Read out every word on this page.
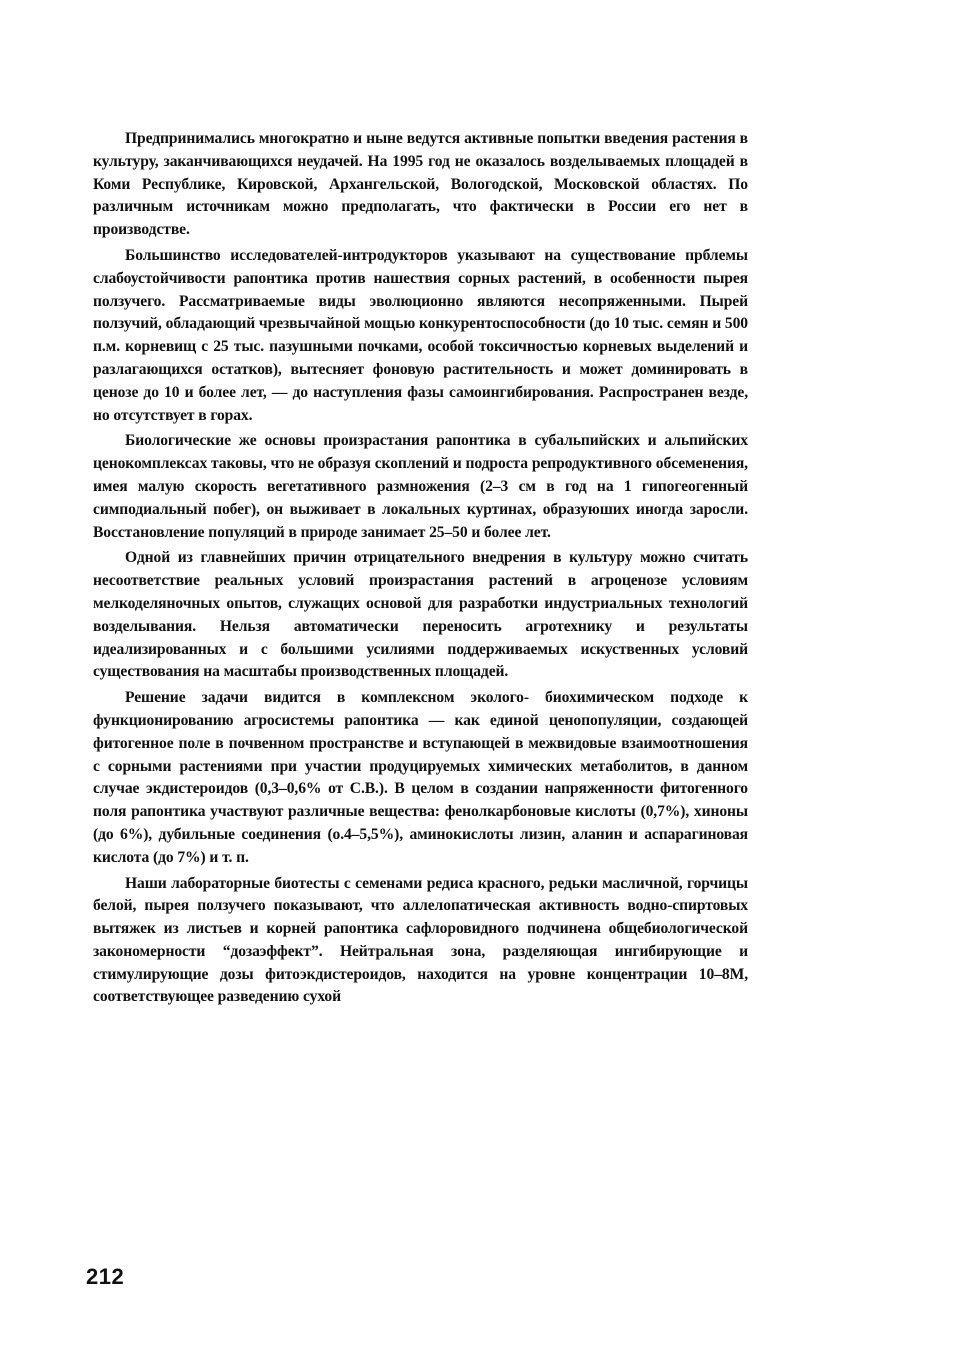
Предпринимались многократно и ныне ведутся активные попытки введения растения в культуру, заканчивающихся неудачей. На 1995 год не оказалось возделываемых площадей в Коми Республике, Кировской, Архангельской, Вологодской, Московской областях. По различным источникам можно предполагать, что фактически в России его нет в производстве.

Большинство исследователей-интродукторов указывают на существование прблемы слабоустойчивости рапонтика против нашествия сорных растений, в особенности пырея ползучего. Рассматриваемые виды эволюционно являются несопряженными. Пырей ползучий, обладающий чрезвычайной мощью конкурентоспособности (до 10 тыс. семян и 500 п.м. корневищ с 25 тыс. пазушными почками, особой токсичностью корневых выделений и разлагающихся остатков), вытесняет фоновую растительность и может доминировать в ценозе до 10 и более лет, — до наступления фазы самоингибирования. Распространен везде, но отсутствует в горах.

Биологические же основы произрастания рапонтика в субальпийских и альпийских ценокомплексах таковы, что не образуя скоплений и подроста репродуктивного обсеменения, имея малую скорость вегетативного размножения (2–3 см в год на 1 гипогеогенный симподиальный побег), он выживает в локальных куртинах, образуюших иногда заросли. Восстановление популяций в природе занимает 25–50 и более лет.

Одной из главнейших причин отрицательного внедрения в культуру можно считать несоответствие реальных условий произрастания растений в агроценозе условиям мелкоделяночных опытов, служащих основой для разработки индустриальных технологий возделывания. Нельзя автоматически переносить агротехнику и результаты идеализированных и с большими усилиями поддерживаемых искуственных условий существования на масштабы производственных площадей.

Решение задачи видится в комплексном эколого- биохимическом подходе к функционированию агросистемы рапонтика — как единой ценопопуляции, создающей фитогенное поле в почвенном пространстве и вступающей в межвидовые взаимоотношения с сорными растениями при участии продуцируемых химических метаболитов, в данном случае экдистероидов (0,3–0,6% от С.В.). В целом в создании напряженности фитогенного поля рапонтика участвуют различные вещества: фенолкарбоновые кислоты (0,7%), хиноны (до 6%), дубильные соединения (о.4–5,5%), аминокислоты лизин, аланин и аспарагиновая кислота (до 7%) и т. п.

Наши лабораторные биотесты с семенами редиса красного, редьки масличной, горчицы белой, пырея ползучего показывают, что аллелопатическая активность водно-спиртовых вытяжек из листьев и корней рапонтика сафлоровидного подчинена общебиологической закономерности “дозаэффект”. Нейтральная зона, разделяющая ингибирующие и стимулирующие дозы фитоэкдистероидов, находится на уровне концентрации 10–8М, соответствующее разведению сухой

212
